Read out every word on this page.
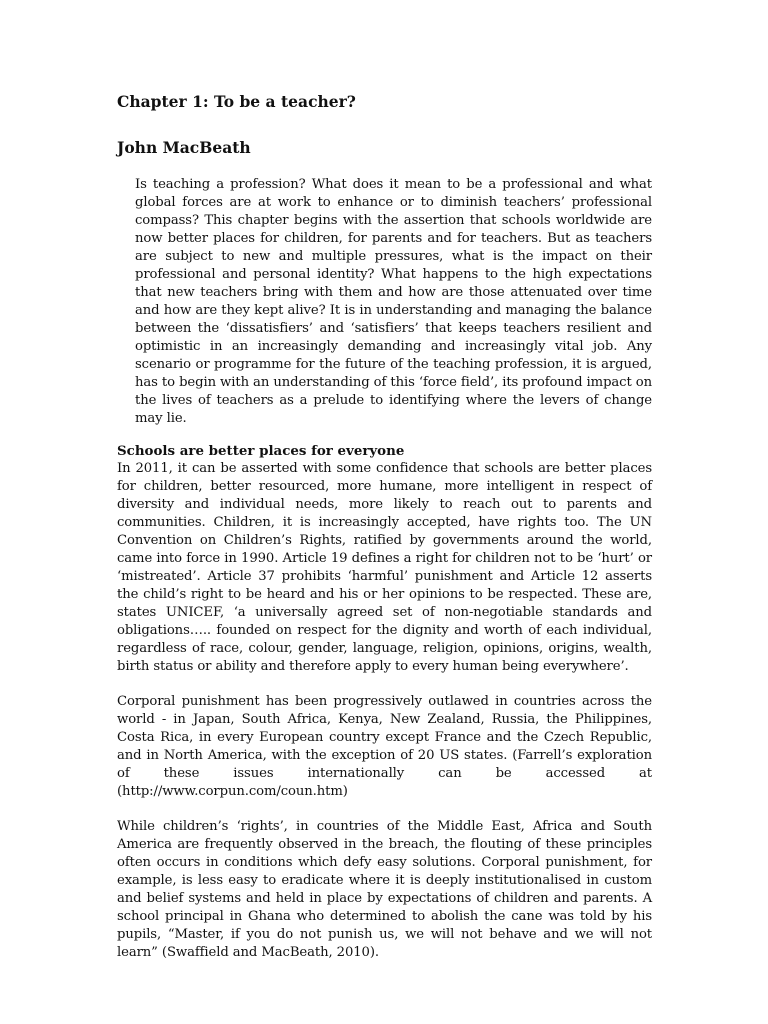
Chapter 1: To be a teacher?
John MacBeath

Is teaching a profession? What does it mean to be a professional and what global forces are at work to enhance or to diminish teachers’ professional compass? This chapter begins with the assertion that schools worldwide are now better places for children, for parents and for teachers. But as teachers are subject to new and multiple pressures, what is the impact on their professional and personal identity? What happens to the high expectations that new teachers bring with them and how are those attenuated over time and how are they kept alive? It is in understanding and managing the balance between the ‘dissatisfiers’ and ‘satisfiers’ that keeps teachers resilient and optimistic in an increasingly demanding and increasingly vital job. Any scenario or programme for the future of the teaching profession, it is argued, has to begin with an understanding of this ‘force field’, its profound impact on the lives of teachers as a prelude to identifying where the levers of change may lie.

Schools are better places for everyone

In 2011, it can be asserted with some confidence that schools are better places for children, better resourced, more humane, more intelligent in respect of diversity and individual needs, more likely to reach out to parents and communities. Children, it is increasingly accepted, have rights too. The UN Convention on Children’s Rights, ratified by governments around the world, came into force in 1990. Article 19 defines a right for children not to be ‘hurt’ or ‘mistreated’. Article 37 prohibits ‘harmful’ punishment and Article 12 asserts the child’s right to be heard and his or her opinions to be respected. These are, states UNICEF, ‘a universally agreed set of non-negotiable standards and obligations….. founded on respect for the dignity and worth of each individual, regardless of race, colour, gender, language, religion, opinions, origins, wealth, birth status or ability and therefore apply to every human being everywhere’.

Corporal punishment has been progressively outlawed in countries across the world - in Japan, South Africa, Kenya, New Zealand, Russia, the Philippines, Costa Rica, in every European country except France and the Czech Republic, and in North America, with the exception of 20 US states. (Farrell’s exploration of these issues internationally can be accessed at (http://www.corpun.com/coun.htm)

While children’s ‘rights’, in countries of the Middle East, Africa and South America are frequently observed in the breach, the flouting of these principles often occurs in conditions which defy easy solutions. Corporal punishment, for example, is less easy to eradicate where it is deeply institutionalised in custom and belief systems and held in place by expectations of children and parents. A school principal in Ghana who determined to abolish the cane was told by his pupils, “Master, if you do not punish us, we will not behave and we will not learn” (Swaffield and MacBeath, 2010).
